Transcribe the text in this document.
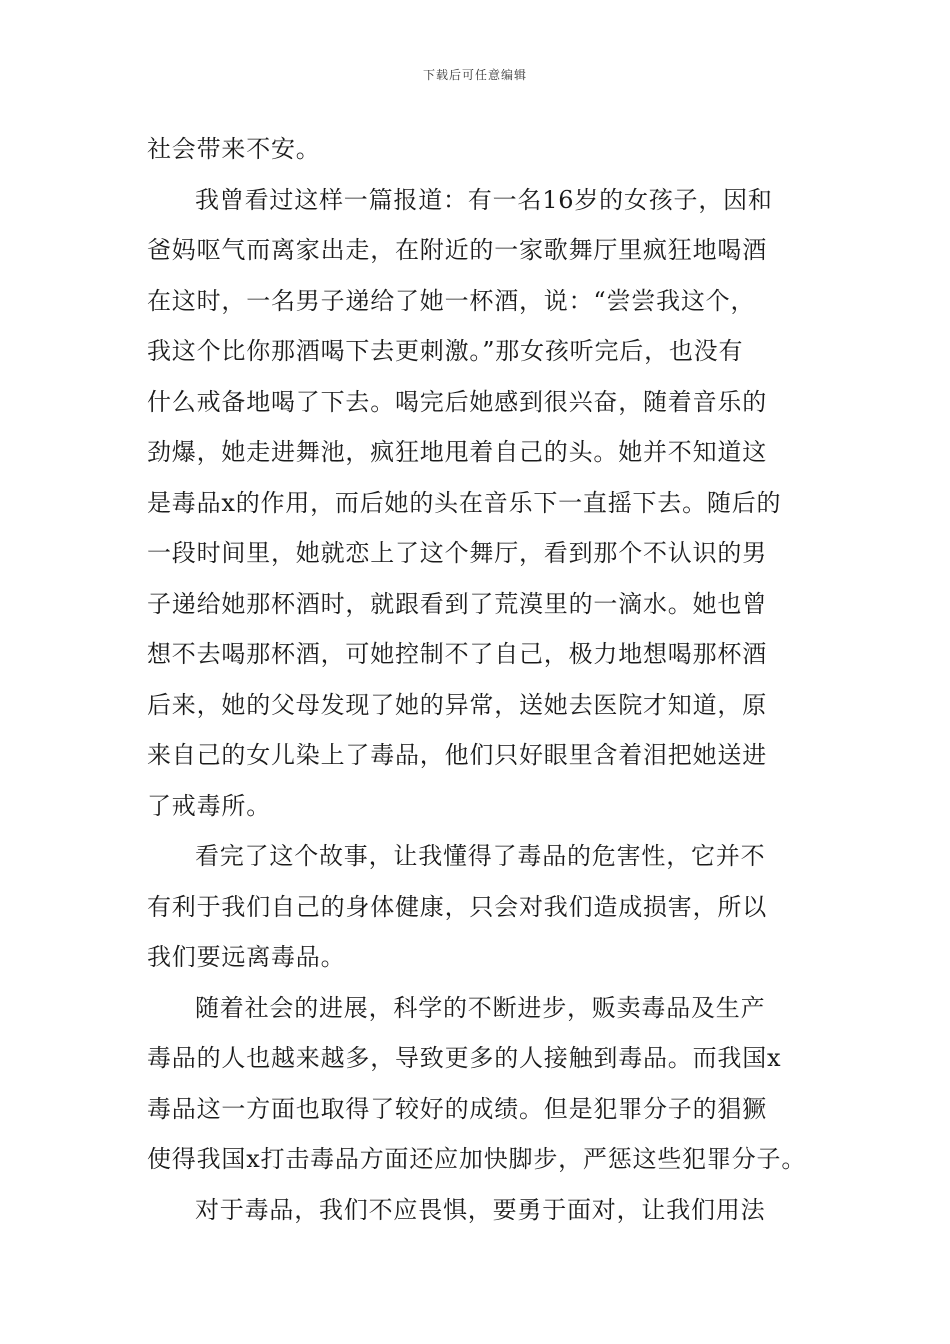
下载后可任意编辑
社会带来不安。
我曾看过这样一篇报道：有一名16岁的女孩子，因和
爸妈呕气而离家出走，在附近的一家歌舞厅里疯狂地喝酒
在这时，一名男子递给了她一杯酒，说：“尝尝我这个，
我这个比你那酒喝下去更刺激。”那女孩听完后，也没有
什么戒备地喝了下去。喝完后她感到很兴奋，随着音乐的
劲爆，她走进舞池，疯狂地甩着自己的头。她并不知道这
是毒品x的作用，而后她的头在音乐下一直摇下去。随后的
一段时间里，她就恋上了这个舞厅，看到那个不认识的男
子递给她那杯酒时，就跟看到了荒漠里的一滴水。她也曾
想不去喝那杯酒，可她控制不了自己，极力地想喝那杯酒
后来，她的父母发现了她的异常，送她去医院才知道，原
来自己的女儿染上了毒品，他们只好眼里含着泪把她送进
了戒毒所。
看完了这个故事，让我懂得了毒品的危害性，它并不
有利于我们自己的身体健康，只会对我们造成损害，所以
我们要远离毒品。
随着社会的进展，科学的不断进步，贩卖毒品及生产
毒品的人也越来越多，导致更多的人接触到毒品。而我国x
毒品这一方面也取得了较好的成绩。但是犯罪分子的猖獗
使得我国x打击毒品方面还应加快脚步，严惩这些犯罪分子。
对于毒品，我们不应畏惧，要勇于面对，让我们用法
